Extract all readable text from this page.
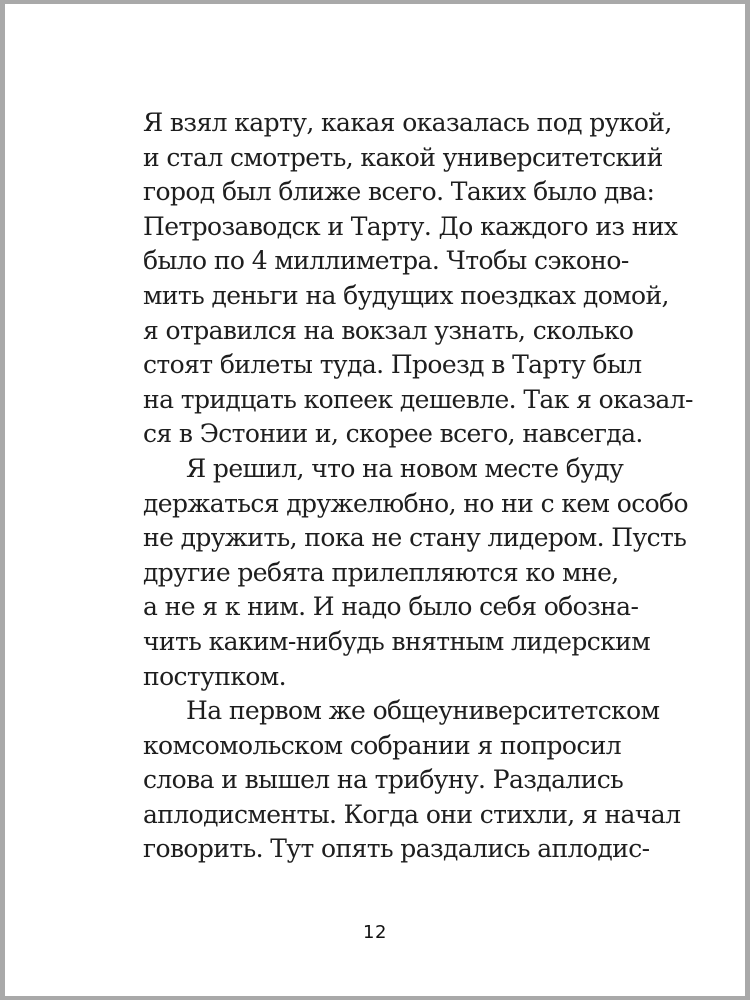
Я взял карту, какая оказалась под рукой,
и стал смотреть, какой университетский
город был ближе всего. Таких было два:
Петрозаводск и Тарту. До каждого из них
было по 4 миллиметра. Чтобы сэконо-
мить деньги на будущих поездках домой,
я отравился на вокзал узнать, сколько
стоят билеты туда. Проезд в Тарту был
на тридцать копеек дешевле. Так я оказал-
ся в Эстонии и, скорее всего, навсегда.
Я решил, что на новом месте буду
держаться дружелюбно, но ни с кем особо
не дружить, пока не стану лидером. Пусть
другие ребята прилепляются ко мне,
а не я к ним. И надо было себя обозна-
чить каким-нибудь внятным лидерским
поступком.
На первом же общеуниверситетском
комсомольском собрании я попросил
слова и вышел на трибуну. Раздались
аплодисменты. Когда они стихли, я начал
говорить. Тут опять раздались аплодис-
12
